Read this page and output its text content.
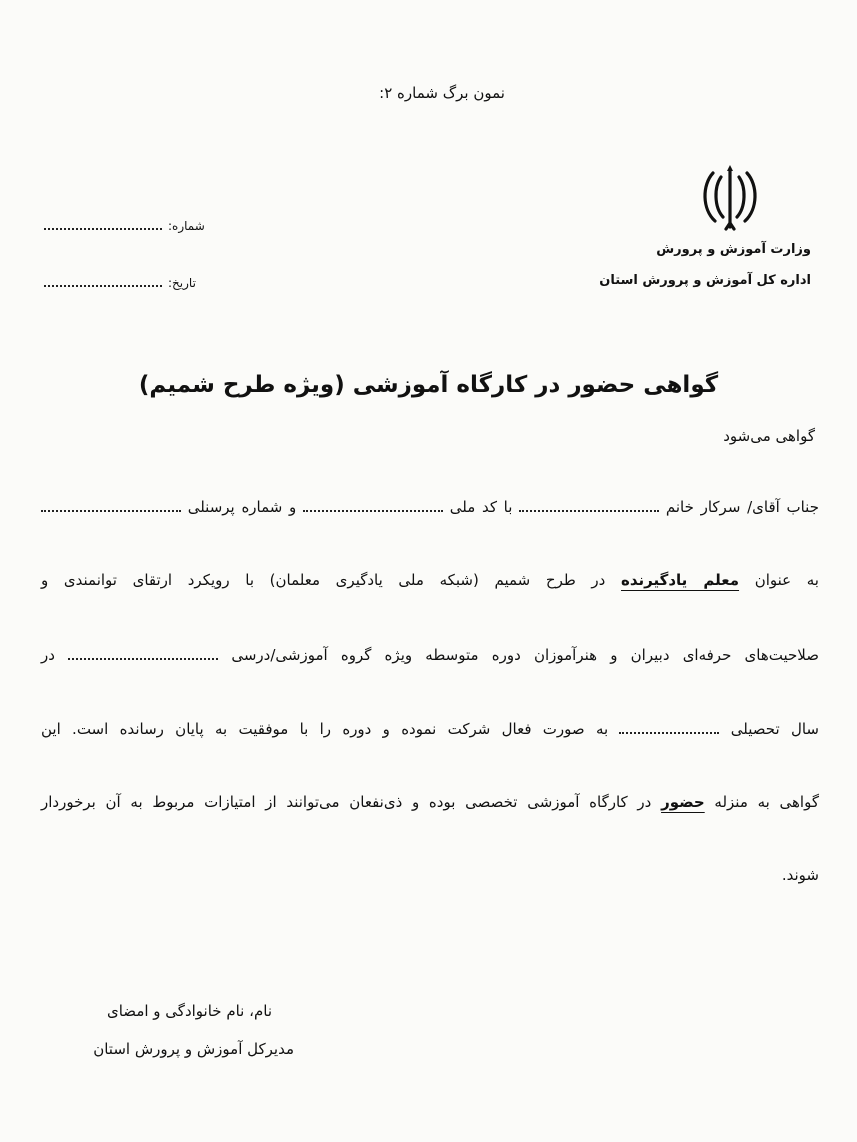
نمون برگ شماره ۲:
وزارت آموزش و پرورش
اداره کل آموزش و پرورش استان
شماره:
تاریخ:
گواهی حضور در کارگاه آموزشی (ویژه طرح شمیم)
گواهی می‌شود
جناب آقای/ سرکار خانم  با کد ملی  و شماره پرسنلی
به عنوان معلم یادگیرنده در طرح شمیم (شبکه ملی یادگیری معلمان) با رویکرد ارتقای توانمندی و
صلاحیت‌های حرفه‌ای دبیران و هنرآموزان دوره متوسطه ویژه گروه آموزشی/درسی  در
سال تحصیلی  به صورت فعال شرکت نموده و دوره را با موفقیت به پایان رسانده است. این
گواهی به منزله حضور در کارگاه آموزشی تخصصی بوده و ذی‌نفعان می‌توانند از امتیازات مربوط به آن برخوردار
شوند.
نام، نام خانوادگی و امضای
مدیرکل آموزش و پرورش استان
